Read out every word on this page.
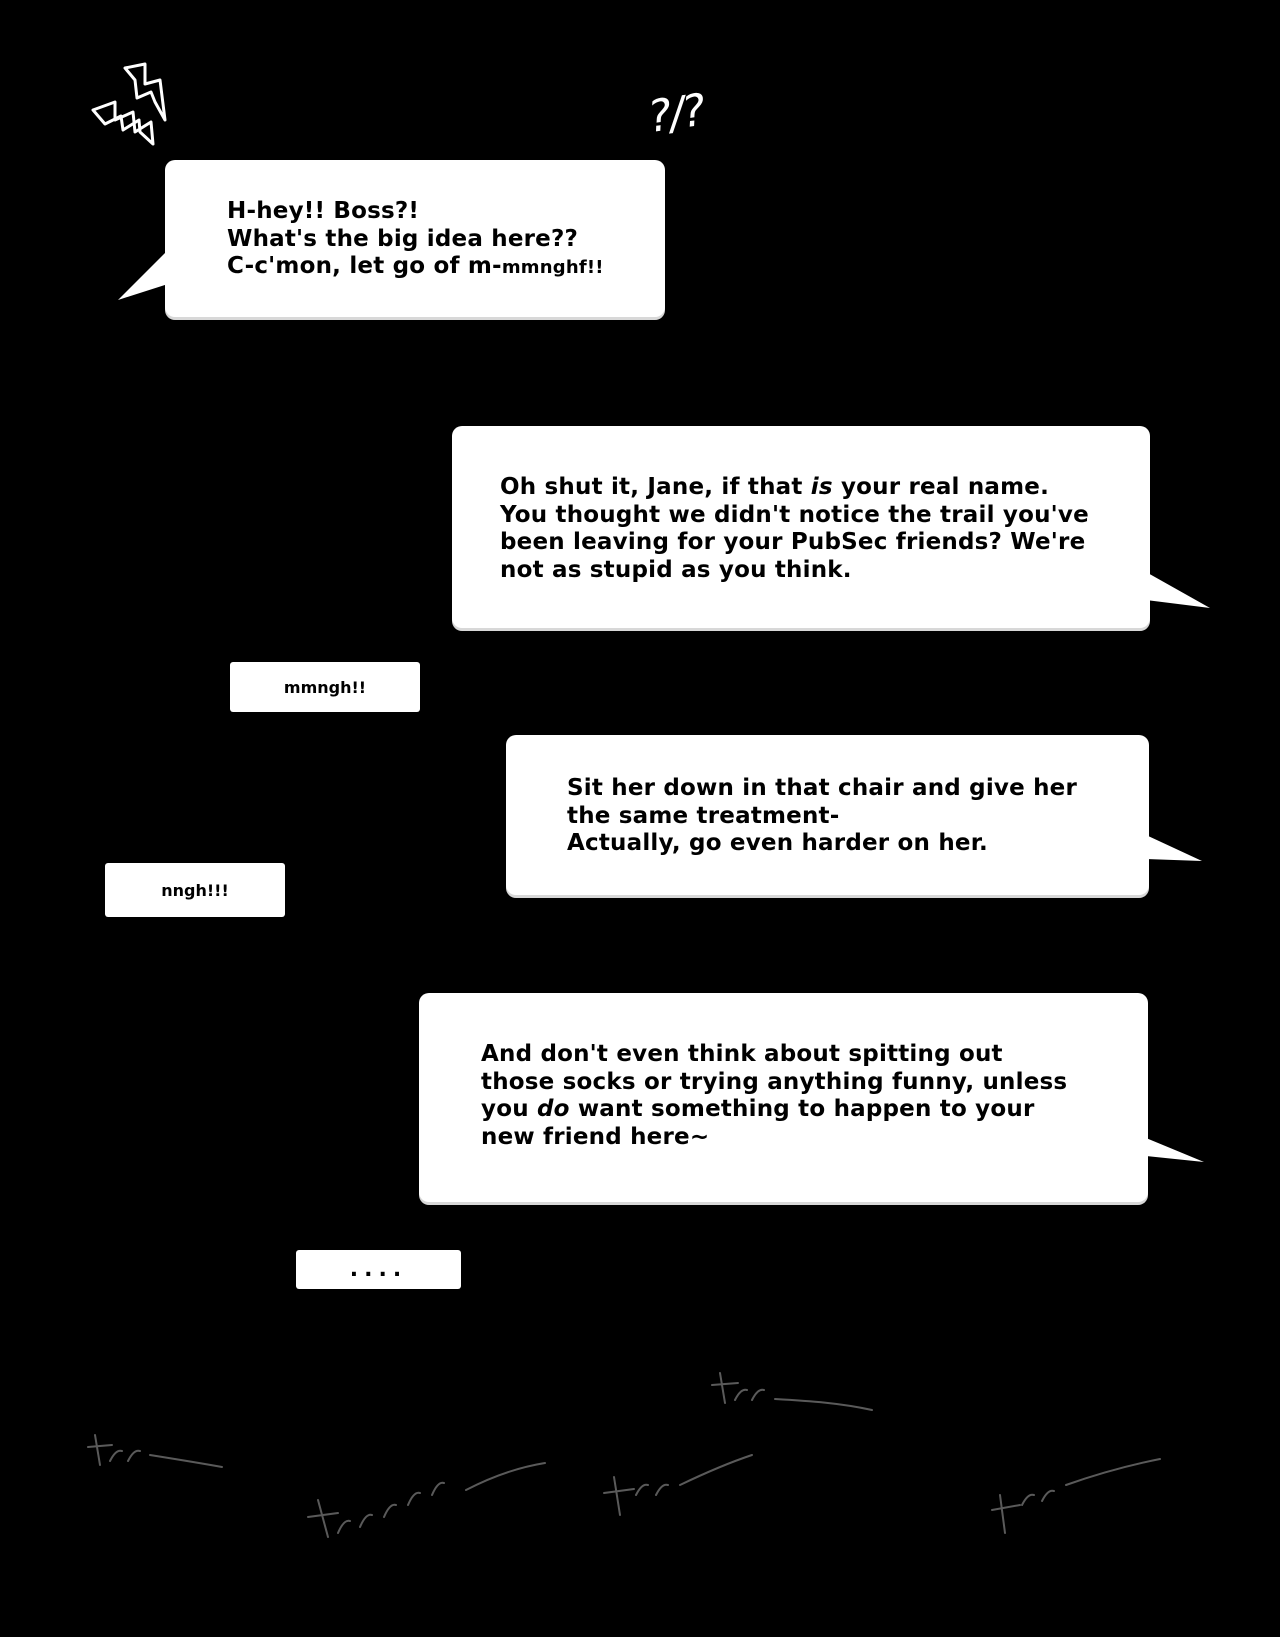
?/?
H-hey!! Boss?!
What's the big idea here??
C-c'mon, let go of m-mmnghf!!
Oh shut it, Jane, if that is your real name.
You thought we didn't notice the trail you've
been leaving for your PubSec friends? We're
not as stupid as you think.
mmngh!!
Sit her down in that chair and give her
the same treatment-
Actually, go even harder on her.
nngh!!!
And don't even think about spitting out
those socks or trying anything funny, unless
you do want something to happen to your
new friend here~
....
